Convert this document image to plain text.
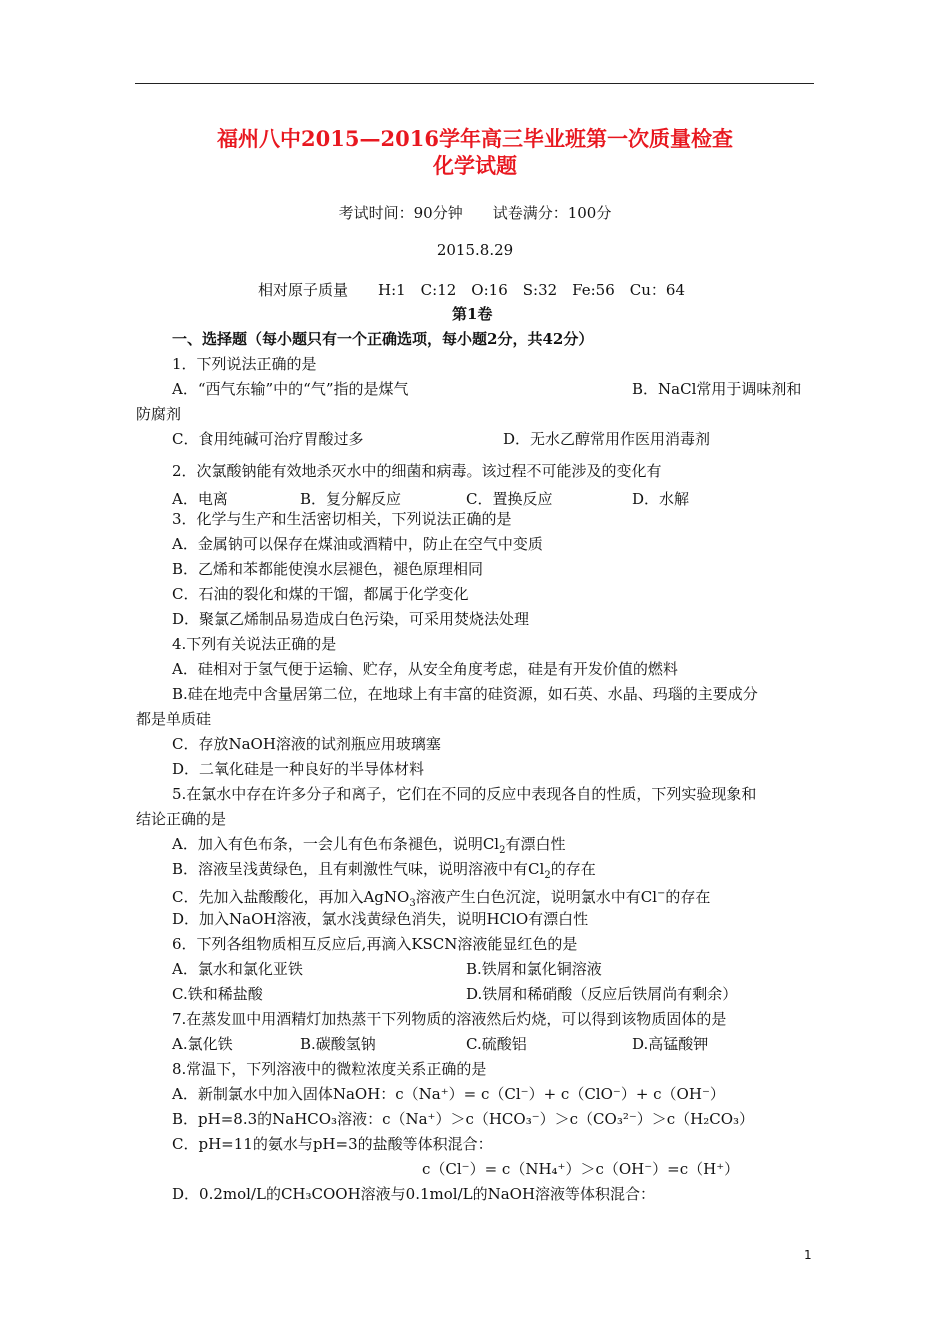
福州八中2015—2016学年高三毕业班第一次质量检查
化学试题
考试时间：90分钟　　试卷满分：100分
2015.8.29
相对原子质量　　H:1　C:12　O:16　S:32　Fe:56　Cu：64
第1卷
一、选择题（每小题只有一个正确选项，每小题2分，共42分）
1．下列说法正确的是
A．“西气东输”中的“气”指的是煤气	B．NaCl常用于调味剂和
防腐剂
C．食用纯碱可治疗胃酸过多	D．无水乙醇常用作医用消毒剂
2．次氯酸钠能有效地杀灭水中的细菌和病毒。该过程不可能涉及的变化有
A．电离	B．复分解反应	C．置换反应	D．水解
3．化学与生产和生活密切相关，下列说法正确的是
A．金属钠可以保存在煤油或酒精中，防止在空气中变质
B．乙烯和苯都能使溴水层褪色，褪色原理相同
C．石油的裂化和煤的干馏，都属于化学变化
D．聚氯乙烯制品易造成白色污染，可采用焚烧法处理
4.下列有关说法正确的是
A．硅相对于氢气便于运输、贮存，从安全角度考虑，硅是有开发价值的燃料
B.硅在地壳中含量居第二位，在地球上有丰富的硅资源，如石英、水晶、玛瑙的主要成分
都是单质硅
C．存放NaOH溶液的试剂瓶应用玻璃塞
D．二氧化硅是一种良好的半导体材料
5.在氯水中存在许多分子和离子，它们在不同的反应中表现各自的性质，下列实验现象和
结论正确的是
A．加入有色布条，一会儿有色布条褪色，说明$Cl_2$有漂白性
B．溶液呈浅黄绿色，且有刺激性气味，说明溶液中有$Cl_2$的存在
C．先加入盐酸酸化，再加入AgNO$_3$溶液产生白色沉淀，说明氯水中有Cl−的存在
D．加入NaOH溶液，氯水浅黄绿色消失，说明HClO有漂白性
6．下列各组物质相互反应后,再滴入KSCN溶液能显红色的是
A．氯水和氯化亚铁	B.铁屑和氯化铜溶液
C.铁和稀盐酸	D.铁屑和稀硝酸（反应后铁屑尚有剩余）
7.在蒸发皿中用酒精灯加热蒸干下列物质的溶液然后灼烧，可以得到该物质固体的是
A.氯化铁	B.碳酸氢钠	C.硫酸铝	D.高锰酸钾
8.常温下，下列溶液中的微粒浓度关系正确的是
A．新制氯水中加入固体NaOH：c（Na⁺）= c（Cl⁻）+ c（ClO⁻）+ c（OH⁻）
B．pH=8.3的NaHCO₃溶液：c（Na⁺）＞c（HCO₃⁻）＞c（CO₃²⁻）＞c（H₂CO₃）
C．pH=11的氨水与pH=3的盐酸等体积混合：
c（Cl⁻）= c（NH₄⁺）＞c（OH⁻）=c（H⁺）
D．0.2mol/L的CH₃COOH溶液与0.1mol/L的NaOH溶液等体积混合：
1
